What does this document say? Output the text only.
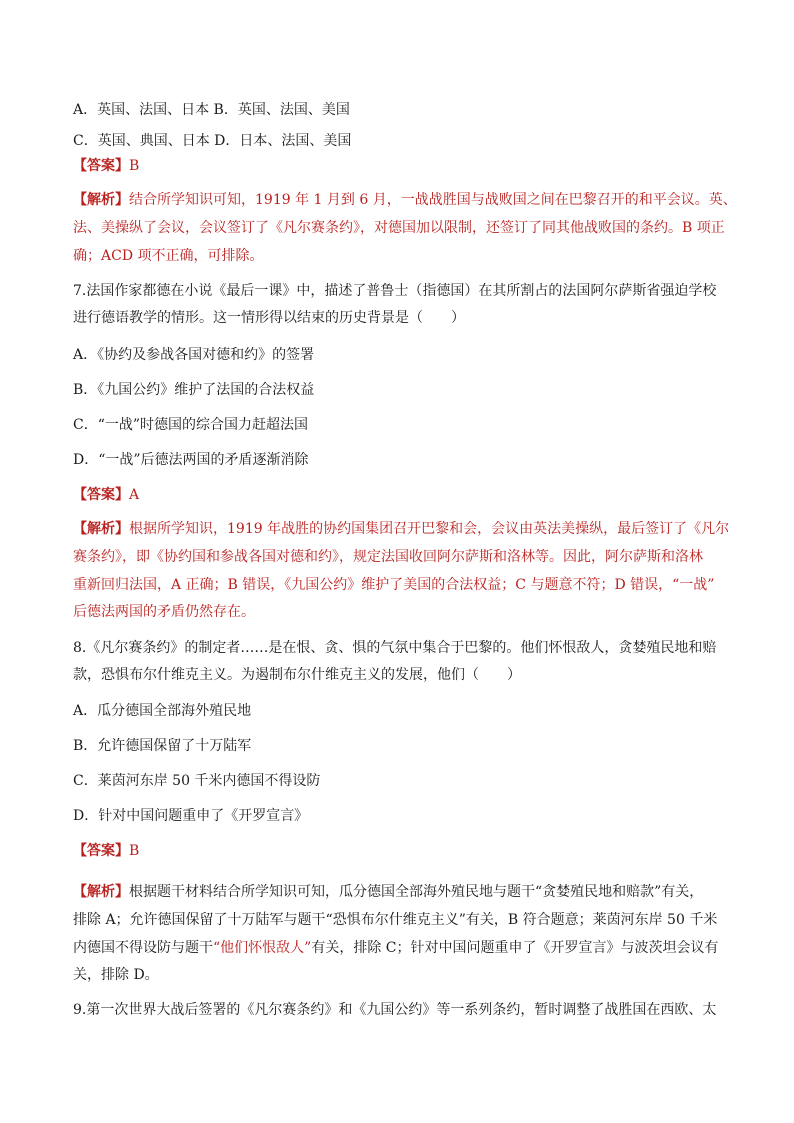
A．英国、法国、日本 B．英国、法国、美国
C．英国、典国、日本 D．日本、法国、美国
【答案】B
【解析】结合所学知识可知，1919 年 1 月到 6 月，一战战胜国与战败国之间在巴黎召开的和平会议。英、
法、美操纵了会议，会议签订了《凡尔赛条约》，对德国加以限制，还签订了同其他战败国的条约。B 项正
确；ACD 项不正确，可排除。
7.法国作家都德在小说《最后一课》中，描述了普鲁士（指德国）在其所割占的法国阿尔萨斯省强迫学校
进行德语教学的情形。这一情形得以结束的历史背景是（　　）
A．《协约及参战各国对德和约》的签署
B．《九国公约》维护了法国的合法权益
C．“一战”时德国的综合国力赶超法国
D．“一战”后德法两国的矛盾逐渐消除
【答案】A
【解析】根据所学知识，1919 年战胜的协约国集团召开巴黎和会，会议由英法美操纵，最后签订了《凡尔
赛条约》，即《协约国和参战各国对德和约》，规定法国收回阿尔萨斯和洛林等。因此，阿尔萨斯和洛林
重新回归法国，A 正确；B 错误，《九国公约》维护了美国的合法权益；C 与题意不符；D 错误，“一战”
后德法两国的矛盾仍然存在。
8.《凡尔赛条约》的制定者……是在恨、贪、惧的气氛中集合于巴黎的。他们怀恨敌人，贪婪殖民地和赔
款，恐惧布尔什维克主义。为遏制布尔什维克主义的发展，他们（　　）
A．瓜分德国全部海外殖民地
B．允许德国保留了十万陆军
C．莱茵河东岸 50 千米内德国不得设防
D．针对中国问题重申了《开罗宣言》
【答案】B
【解析】根据题干材料结合所学知识可知，瓜分德国全部海外殖民地与题干“贪婪殖民地和赔款”有关，
排除 A；允许德国保留了十万陆军与题干“恐惧布尔什维克主义”有关，B 符合题意；莱茵河东岸 50 千米
内德国不得设防与题干“他们怀恨敌人”有关，排除 C；针对中国问题重申了《开罗宣言》与波茨坦会议有
关，排除 D。
9.第一次世界大战后签署的《凡尔赛条约》和《九国公约》等一系列条约，暂时调整了战胜国在西欧、太
